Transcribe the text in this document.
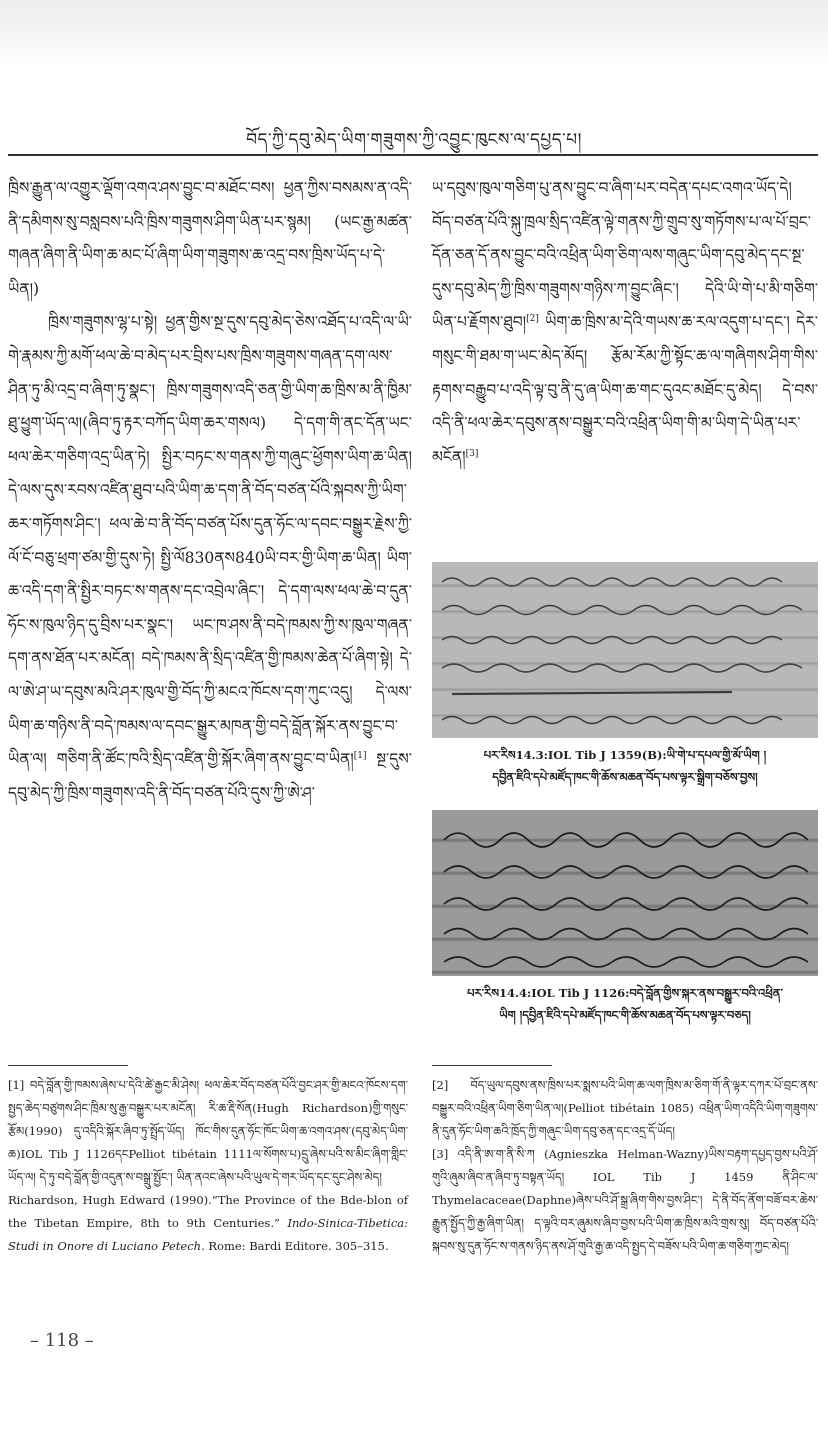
བོད་ཀྱི་དབུ་མེད་ཡིག་གཟུགས་ཀྱི་འབྱུང་ཁུངས་ལ་དཔྱད་པ།

ཁྲིས་རྒྱུན་ལ་འགྱུར་ལྡོག་འགའ་ཤས་བྱུང་བ་མཐོང་བས། ཕྱན་ཀྱིས་བསམས་ན་འདི་ནི་དམིགས་སུ་བསླབས་པའི་ཁྲིས་གཟུགས་ཤིག་ཡིན་པར་སྙམ། (ཡང་རྒྱ་མཚན་གཞན་ཞིག་ནི་ཡིག་ཆ་མང་པོ་ཞིག་ཡིག་གཟུགས་ཆ་འདྲ་བས་ཁྲིས་ཡོད་པ་དེ་ཡིན།)

ཁྲིས་གཟུགས་ལྷ་པ་སྟེ། ཕྱན་གྱིས་སྔ་དུས་དབུ་མེད་ཅེས་འཐོད་པ་འདི་ལ་ཡི་གེ་རྣམས་ཀྱི་མགོ་ཕལ་ཆེ་བ་མེད་པར་བྲིས་པས་ཁྲིས་གཟུགས་གཞན་དག་ལས་ཤིན་ཏུ་མི་འདྲ་བ་ཞིག་ཏུ་སྣང་། ཁྲིས་གཟུགས་འདི་ཅན་གྱི་ཡིག་ཆ་ཁྲིས་མ་ནི་ཁྱིམ་ཐུ་ཕྱུག་ཡོད་ལ།(ཞིབ་ཏུ་རྟར་བཀོད་ཡིག་ཆར་གསལ) དེ་དག་གི་ནང་དོན་ཡང་ཕལ་ཆེར་གཅིག་འདྲ་ཡིན་ཏེ། སྤྱིར་བཏང་ས་གནས་ཀྱི་གཞུང་ཕྱོགས་ཡིག་ཆ་ཡིན། དེ་ལས་དུས་རབས་འཛིན་ཐུབ་པའི་ཡིག་ཆ་དག་ནི་བོད་བཙན་པོའི་སྐབས་ཀྱི་ཡིག་ཆར་གཏོགས་ཤིང་། ཕལ་ཆེ་བ་ནི་བོད་བཙན་པོས་དུན་ཧོང་ལ་དབང་བསྒྱུར་རྗེས་ཀྱི་ལོ་ངོ་བཅུ་ཕྲག་ཙམ་གྱི་དུས་ཏེ། སྤྱི་ལོ830ནས840ཡི་བར་གྱི་ཡིག་ཆ་ཡིན། ཡིག་ཆ་འདི་དག་ནི་སྤྱིར་བཏང་ས་གནས་དང་འབྲེལ་ཞིང་། དེ་དག་ལས་ཕལ་ཆེ་བ་དུན་ཧོང་ས་ཁུལ་ཉིད་དུ་བྲིས་པར་སྣང་། ཡང་ཁ་ཤས་ནི་བདེ་ཁམས་ཀྱི་ས་ཁུལ་གཞན་དག་ནས་ཐོན་པར་མངོན། བདེ་ཁམས་ནི་སྲིད་འཛིན་གྱི་ཁམས་ཆེན་པོ་ཞིག་སྟེ། དེ་ལ་ཨེ་ཤ་ཡ་དབུས་མའི་ཤར་ཁུལ་གྱི་བོད་ཀྱི་མངའ་ཁོངས་དག་ཀུང་འདུ། དེ་ལས་ཡིག་ཆ་གཉིས་ནི་བདེ་ཁམས་ལ་དབང་སྒྱུར་མཁན་གྱི་བདེ་བློན་སྐོར་ནས་བྱུང་བ་ཡིན་ལ། གཅིག་ནི་ཚོང་ཁའི་སྲིད་འཛིན་གྱི་སྐོར་ཞིག་ནས་བྱུང་བ་ཡིན།[1] སྔ་དུས་དབུ་མེད་ཀྱི་ཁྲིས་གཟུགས་འདི་ནི་བོད་བཙན་པོའི་དུས་ཀྱི་ཨེ་ཤ་

ཡ་དབུས་ཁུལ་གཅིག་པུ་ནས་བྱུང་བ་ཞིག་པར་བདེན་དཔང་འགའ་ཡོད་དེ། བོད་བཙན་པོའི་སྐུ་ཁྲལ་སྲིད་འཛིན་ལྟེ་གནས་ཀྱི་གྲུབ་སུ་གཏོགས་པ་ལ་པོ་བྲང་དོན་ཅན་དོ་ནས་བྱུང་བའི་འཕྲིན་ཡིག་ཅིག་ལས་གཞུང་ཡིག་དབུ་མེད་དང་སྔ་དུས་དབུ་མེད་ཀྱི་ཁྲིས་གཟུགས་གཉིས་ཀ་བྱུང་ཞིང་། དེའི་ཡི་གེ་པ་མི་གཅིག་ཡིན་པ་རྗོགས་ཐུབ།[2] ཡིག་ཆ་ཁྲིས་མ་དེའི་གཡས་ཆ་རལ་འདུག་པ་དང་། དེར་གསུང་གི་ཐམ་ག་ཡང་མེད་མོད། རྩོམ་རོམ་ཀྱི་སྟོང་ཆ་ལ་གཞིགས་ཤིག་གིས་རྟགས་བརྒྱུབ་པ་འདི་ལྟ་བུ་ནི་དུ་ཞ་ཡིག་ཆ་གང་དུའང་མཐོང་དུ་མེད། དེ་བས་འདི་ནི་ཕལ་ཆེར་དབུས་ནས་བསྒྱུར་བའི་འཕྲིན་ཡིག་གི་མ་ཡིག་དེ་ཡིན་པར་མངོན།[3]

པར་རིས14.3:IOL Tib J 1359(B):ཡི་གེ་པ་དཔལ་གྱི་མོ་ཡིག །
དབྱིན་ཇིའི་དཔེ་མཛོད་ཁང་གི་ཆོས་མཆན་བོད་པས་ལྟར་སྒྲིག་བཅོས་བྱས།

པར་རིས14.4:IOL Tib J 1126:བདེ་བློན་གྱིས་སྐར་ནས་བསྒྱུར་བའི་འཕྲིན་
ཡིག །དབྱིན་ཇིའི་དཔེ་མཛོད་ཁང་གི་ཆོས་མཆན་བོད་པས་ལྟར་བཅད།

[1] བདེ་བློན་གྱི་ཁམས་ཞེས་པ་དེའི་ཚེ་རྒྱང་མི་ཤེས། ཕལ་ཆེར་བོད་བཙན་པོའི་བྱང་ཤར་གྱི་མངའ་ཁོངས་དག་སྤྱད་ཆེད་བཙུགས་ཤིང་ཁྲིམ་སུ་རྒྱ་བསྒྱུར་པར་མངོན། རི་ཆ་རྡི་སོན(Hugh Richardson)གྱི་གསུང་རྩོམ(1990) དུ་འདིའི་སྐོར་ཞིབ་ཏུ་སྤྲོད་ཡོད། ཁོང་གིས་དུན་ཧོང་ཁོང་ཡིག་ཆ་འགའ་ཤས་(དབུ་མེད་ཡིག་ཆ)IOL Tib J 1126དངPelliot tibétain 1111ལ་སོགས་པ)དྲུ་ཞེས་པའི་ས་མིང་ཞིག་གླིང་ཡོད་ལ། དེ་ཏུ་བདེ་བློན་གྱི་འདུན་ས་བསྒྲུ་སྤྱོང་། ཡིན་ནའང་ཞེས་པའི་ཡུལ་དེ་གར་ཡོད་དང་དུང་ཤེས་མེད།

Richardson, Hugh Edward (1990).“The Province of the Bde-blon of the Tibetan Empire, 8th to 9th Centuries.” Indo-Sinica-Tibetica: Studi in Onore di Luciano Petech. Rome: Bardi Editore. 305–315.

[2] བོད་ཡུལ་དབུས་ནས་ཁྲིས་པར་སྨས་པའི་ཡིག་ཆ་ལག་ཁྲིས་མ་ཅིག་གོ་ནི་ལྟར་དཀར་པོ་བྲང་ནས་བསྒྱུར་བའི་འཕྲིན་ཡིག་ཅིག་ཡིན་ལ།(Pelliot tibétain 1085) འཕྲིན་ཡིག་འདིའི་ཡིག་གཟུགས་ནི་དུན་ཧོང་ཡིག་ཆའི་ཁྲོད་ཀྱི་གཞུང་ཡིག་དབུ་ཅན་དང་འདྲ་དོ་ཡོད།

[3] འདི་ནི་ཨ་ག་ནི་སི་ཀ (Agnieszka Helman-Wazny)ཡིས་བརྟག་དཔྱད་བྱས་པའི་ཤོ་གུའི་ཞུམ་ཞིབ་ན་ཞིབ་ཏུ་བསྟན་ཡོད། IOL Tib J 1459 ནི་ཤིང་ལ་Thymelacaceae(Daphne)ཞེས་པའི་ཤོ་སྒྲ་ཞིག་གིས་བྱས་ཤིང་། དེ་ནི་བོད་ནོག་བཟོ་བར་ཆེས་རྒྱུན་སྤྱོད་ཀྱི་རྒྱ་ཞིག་ཡིན། ད་ལྟའི་བར་ཞུམས་ཞིབ་བྱས་པའི་ཡིག་ཆ་ཁྲིས་མའི་གྲས་སུ། བོད་བཙན་པོའི་སྐབས་སུ་དུན་ཧོང་ས་གནས་ཉིད་ནས་ཤོ་གུའི་རྒྱ་ཆ་འདི་སྤྱད་དེ་བཟོས་པའི་ཡིག་ཆ་གཅིག་ཀྱང་མེད།

– 118 –
